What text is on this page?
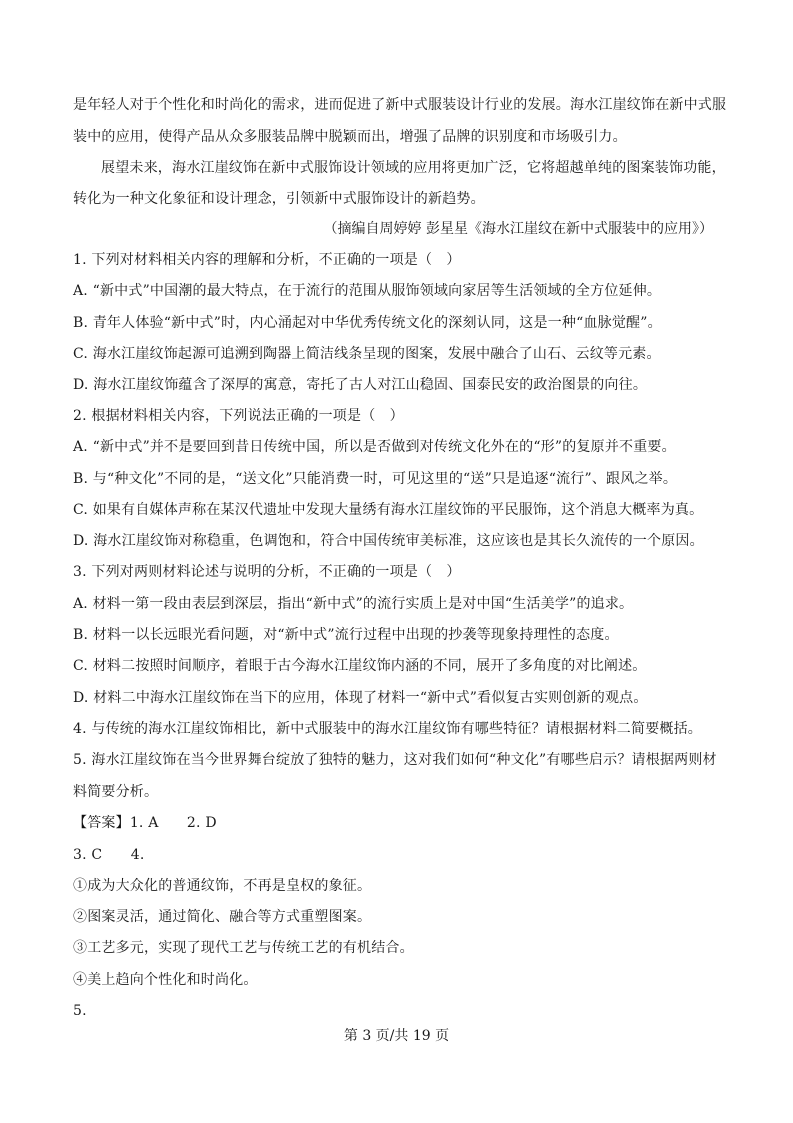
是年轻人对于个性化和时尚化的需求，进而促进了新中式服装设计行业的发展。海水江崖纹饰在新中式服
装中的应用，使得产品从众多服装品牌中脱颖而出，增强了品牌的识别度和市场吸引力。
展望未来，海水江崖纹饰在新中式服饰设计领域的应用将更加广泛，它将超越单纯的图案装饰功能，
转化为一种文化象征和设计理念，引领新中式服饰设计的新趋势。
（摘编自周婷婷 彭星星《海水江崖纹在新中式服装中的应用》）
1. 下列对材料相关内容的理解和分析，不正确的一项是（　）
A. “新中式”中国潮的最大特点，在于流行的范围从服饰领域向家居等生活领域的全方位延伸。
B. 青年人体验“新中式”时，内心涌起对中华优秀传统文化的深刻认同，这是一种“血脉觉醒”。
C. 海水江崖纹饰起源可追溯到陶器上简洁线条呈现的图案，发展中融合了山石、云纹等元素。
D. 海水江崖纹饰蕴含了深厚的寓意，寄托了古人对江山稳固、国泰民安的政治图景的向往。
2. 根据材料相关内容，下列说法正确的一项是（　）
A. “新中式”并不是要回到昔日传统中国，所以是否做到对传统文化外在的“形”的复原并不重要。
B. 与“种文化”不同的是，“送文化”只能消费一时，可见这里的“送”只是追逐“流行”、跟风之举。
C. 如果有自媒体声称在某汉代遗址中发现大量绣有海水江崖纹饰的平民服饰，这个消息大概率为真。
D. 海水江崖纹饰对称稳重，色调饱和，符合中国传统审美标准，这应该也是其长久流传的一个原因。
3. 下列对两则材料论述与说明的分析，不正确的一项是（　）
A. 材料一第一段由表层到深层，指出“新中式”的流行实质上是对中国“生活美学”的追求。
B. 材料一以长远眼光看问题，对“新中式”流行过程中出现的抄袭等现象持理性的态度。
C. 材料二按照时间顺序，着眼于古今海水江崖纹饰内涵的不同，展开了多角度的对比阐述。
D. 材料二中海水江崖纹饰在当下的应用，体现了材料一“新中式”看似复古实则创新的观点。
4. 与传统的海水江崖纹饰相比，新中式服装中的海水江崖纹饰有哪些特征？请根据材料二简要概括。
5. 海水江崖纹饰在当今世界舞台绽放了独特的魅力，这对我们如何“种文化”有哪些启示？请根据两则材
料简要分析。
【答案】1. A　　2. D
3. C　　4.
①成为大众化的普通纹饰，不再是皇权的象征。
②图案灵活，通过简化、融合等方式重塑图案。
③工艺多元，实现了现代工艺与传统工艺的有机结合。
④美上趋向个性化和时尚化。
5.
第 3 页/共 19 页
